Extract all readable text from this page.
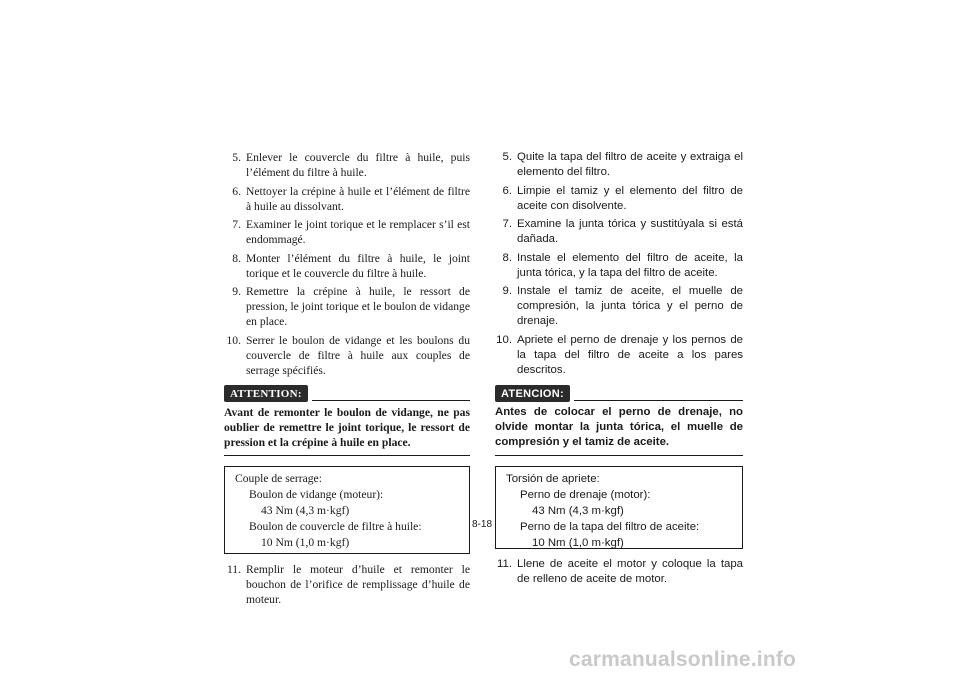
5. Enlever le couvercle du filtre à huile, puis l’élément du filtre à huile.
6. Nettoyer la crépine à huile et l’élément de filtre à huile au dissolvant.
7. Examiner le joint torique et le remplacer s’il est endommagé.
8. Monter l’élément du filtre à huile, le joint torique et le couvercle du filtre à huile.
9. Remettre la crépine à huile, le ressort de pression, le joint torique et le boulon de vidange en place.
10. Serrer le boulon de vidange et les boulons du couvercle de filtre à huile aux couples de serrage spécifiés.
ATTENTION:
Avant de remonter le boulon de vidange, ne pas oublier de remettre le joint torique, le ressort de pression et la crépine à huile en place.
Couple de serrage:
Boulon de vidange (moteur):
43 Nm (4,3 m·kgf)
Boulon de couvercle de filtre à huile:
10 Nm (1,0 m·kgf)
11. Remplir le moteur d’huile et remonter le bouchon de l’orifice de remplissage d’huile de moteur.
5. Quite la tapa del filtro de aceite y extraiga el elemento del filtro.
6. Limpie el tamiz y el elemento del filtro de aceite con disolvente.
7. Examine la junta tórica y sustitúyala si está dañada.
8. Instale el elemento del filtro de aceite, la junta tórica, y la tapa del filtro de aceite.
9. Instale el tamiz de aceite, el muelle de compresión, la junta tórica y el perno de drenaje.
10. Apriete el perno de drenaje y los pernos de la tapa del filtro de aceite a los pares descritos.
ATENCION:
Antes de colocar el perno de drenaje, no olvide montar la junta tórica, el muelle de compresión y el tamiz de aceite.
Torsión de apriete:
Perno de drenaje (motor):
43 Nm (4,3 m·kgf)
Perno de la tapa del filtro de aceite:
10 Nm (1,0 m·kgf)
11. Llene de aceite el motor y coloque la tapa de relleno de aceite de motor.
8-18
carmanualsonline.info
